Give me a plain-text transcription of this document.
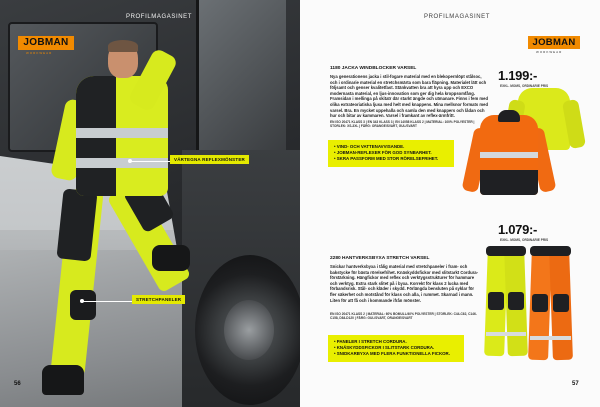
PROFILMAGASINET
JOBMAN
WORKWEAR
VÄRTEGNA REFLEXMÖNSTER
STRETCHPANELER
56
PROFILMAGASINET
JOBMAN
WORKWEAR
1180 JACKA WINDBLOCKER VARSEL
Nya generationens jacka i stil-fogare material med en blekopernlöpt stålsoc, och i ordinarie material en stretchsmärta som bara fläpning. Materialet lätt och följsamt och genser kvalitetfast. Stänkvatten bra att hyra upp och EXCO modernasta material, en ljus-innovation som ger dig hela kroppsomfång. Framsidan i mellinga på skitatr där starkt ängde och utmanare. Finns i fem med olika extrateoriatiska ljusa med helt med knappens. Mina mellsnor formats med varsel. Bra. En mycket uppehalla och samla den med knappers och lådan och hur och bitar av kammaren. Varsel i framkant av reflex-ärmfritt.
EN ISO 20471 KLASS 3 | EN 343 KLASS 3 | EN 14058 KLASS 2 | MATERIAL: 100% POLYESTER | STORLEK: XS-3XL | FÄRG: ORANGE/SVART, GUL/SVART
• VIND- OCH VATTENAVVISANDE.
• JOBMAN-REFLEXER FÖR GOD SYNBARHET.
• SKRA PASSFORM MED STOR RÖRELSEFRIHET.
1.199:-
EXKL. MOMS, ORDINARIE PRIS
2280 HANTVERKSBYXA STRETCH VARSEL
Snickar hantverksbyxa i tålig material med stretchpaneler i fram- och bakstycke för bästa rörelsefrihet. Knäskyddsfickor med slitstarkt Cordura-förstärkning. Hängfickor med reflex och verktygsstrukturer för hammare och verktyg. Extra stark slitet på i byxa. Korrekt för klass 2 lucka med förbandsrisk. Stål- och kläder i skydd. Förlängda bensluten på syklar för fler säkerhet och motstånd för klass och alla, i rummet. Skarnad i mann. Liten för att få och i kommande ifrån mönster.
EN ISO 20471 KLASS 2 | MATERIAL: 60% BOMULL/40% POLYESTER | STORLEK: C44-C62, C146-C158, D84-D120 | FÄRG: GUL/SVART, ORANGE/SVART
• PANELER I STRETCH CORDURA.
• KNÄSKYDDSFICKOR I SLITSTARK CORDURA.
• SNIDKARBYXA MED FLERA FUNKTIONELLA FICKOR.
1.079:-
EXKL. MOMS, ORDINARIE PRIS
57
